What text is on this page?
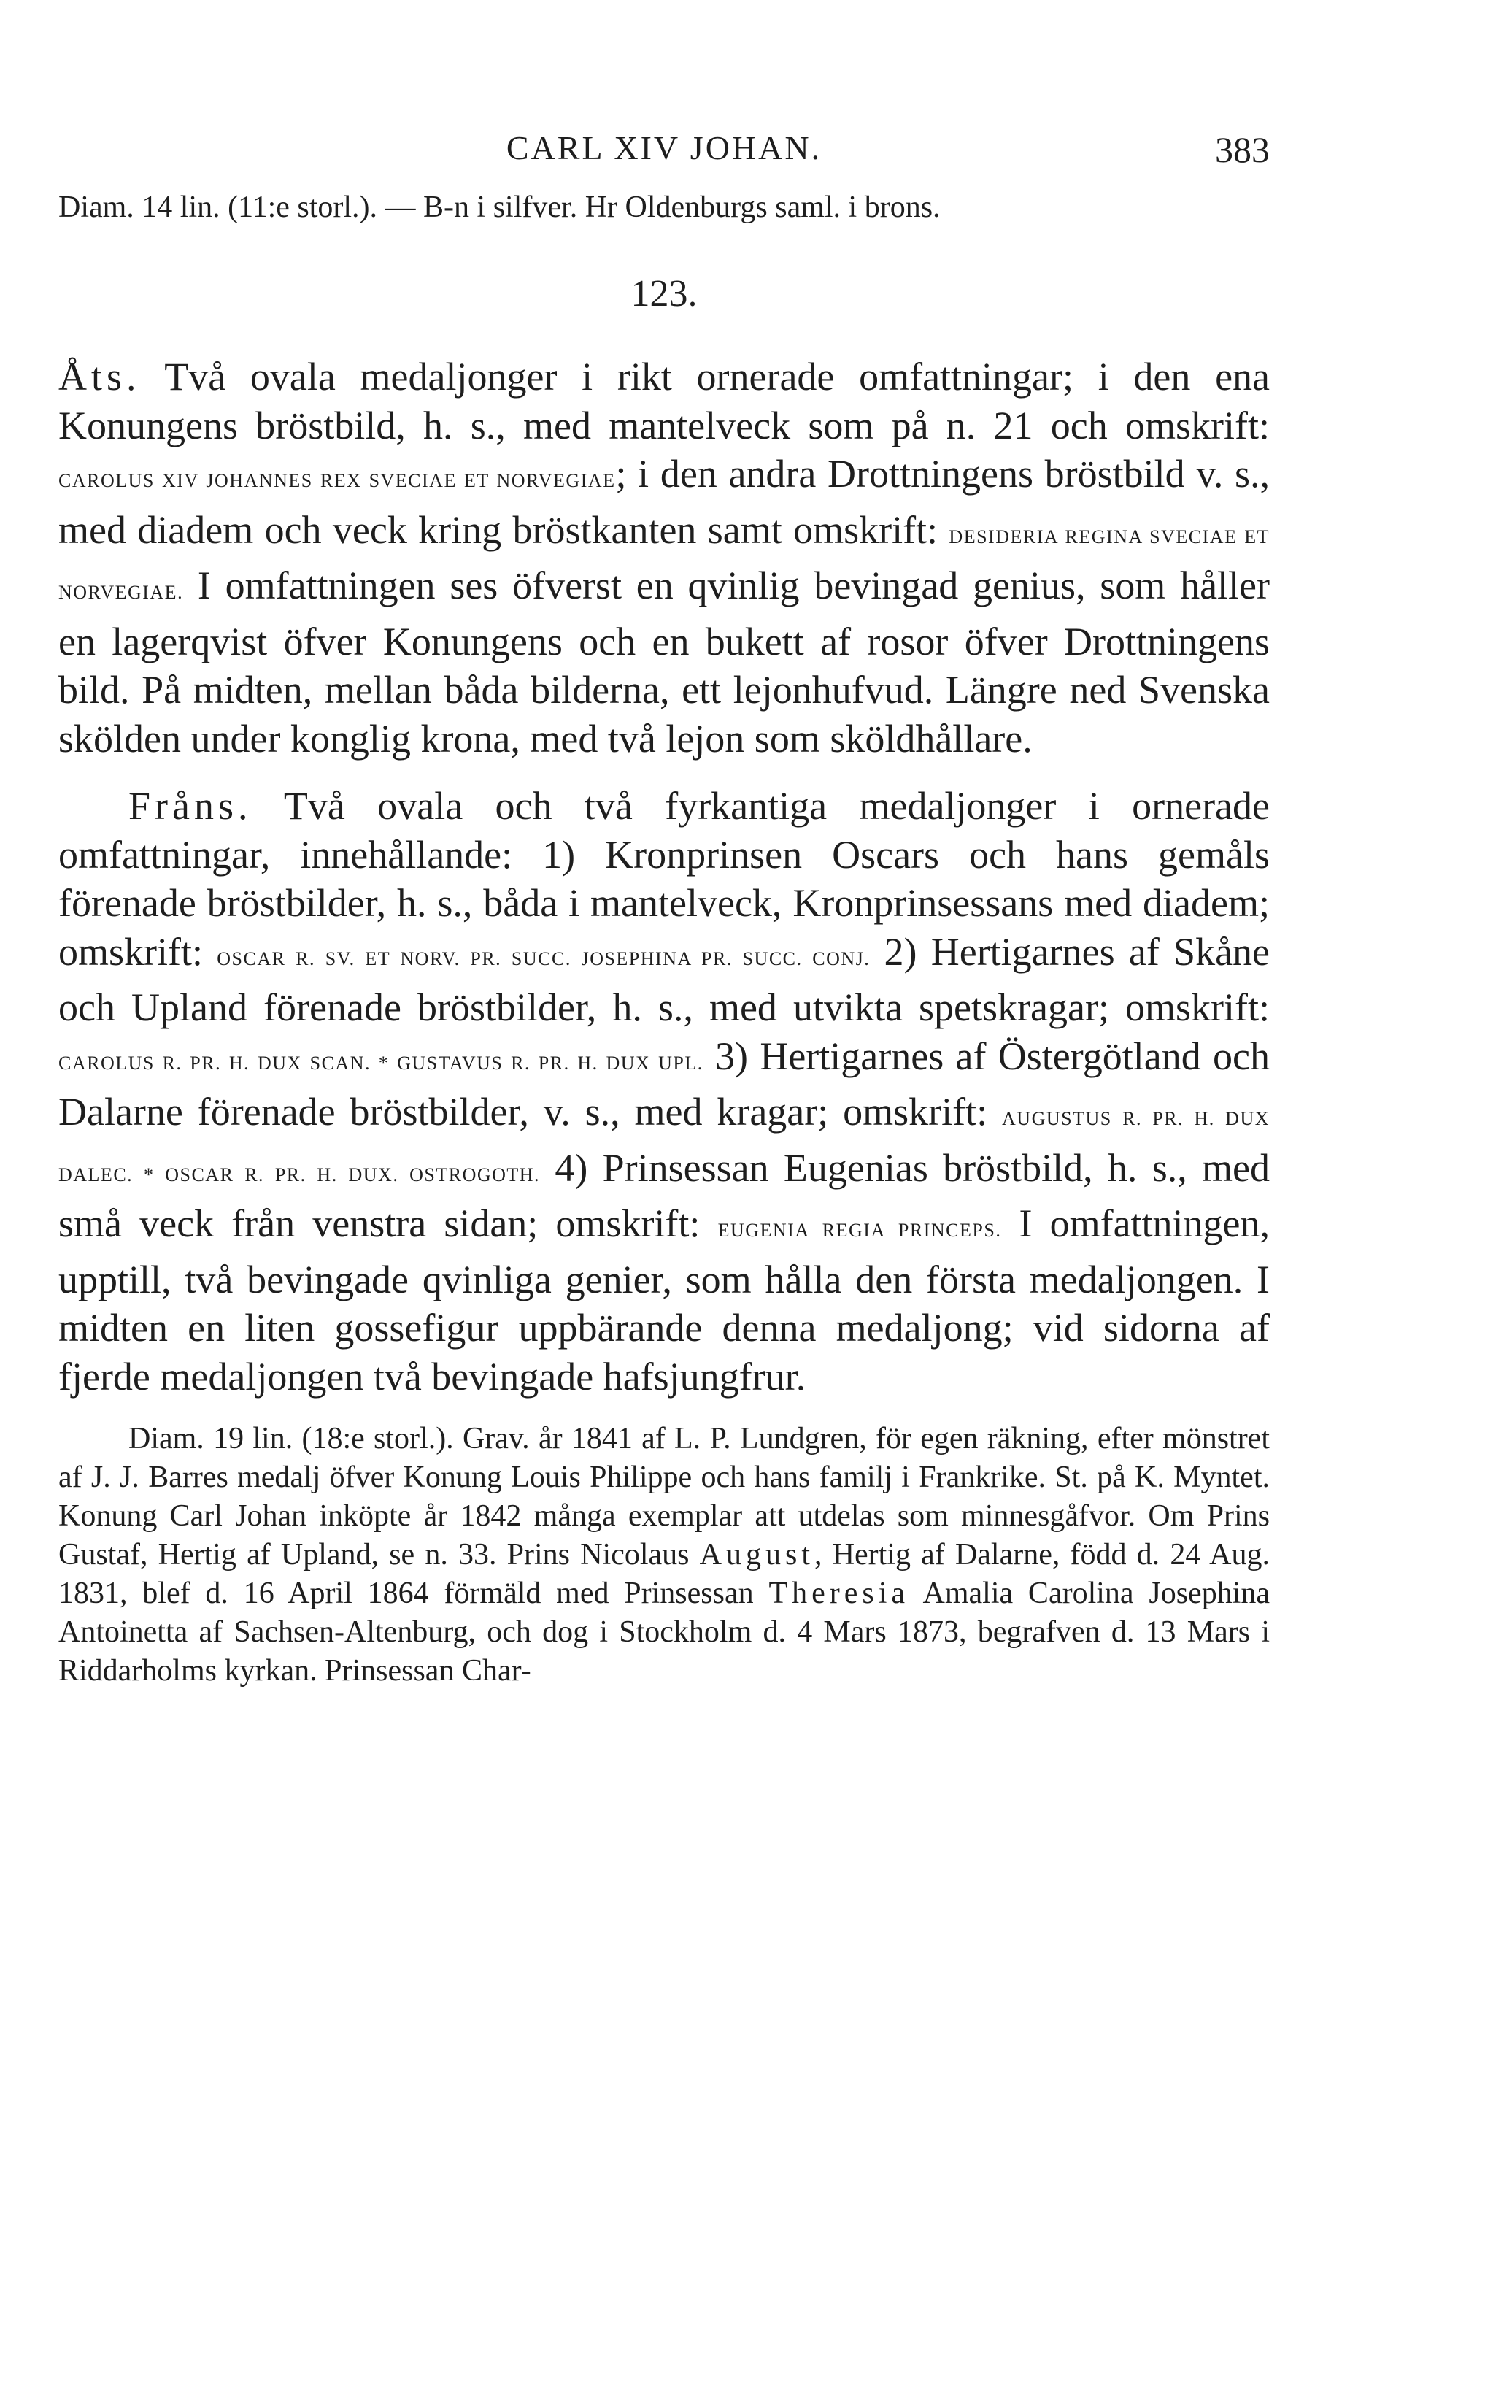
CARL XIV JOHAN.	383

Diam. 14 lin. (11:e storl.). — B-n i silfver. Hr Oldenburgs saml. i brons.

123.

Åts. Två ovala medaljonger i rikt ornerade omfattningar; i den ena Konungens bröstbild, h. s., med mantelveck som på n. 21 och omskrift: CAROLUS XIV JOHANNES REX SVECIAE ET NORVEGIAE; i den andra Drottningens bröstbild v. s., med diadem och veck kring bröstkanten samt omskrift: DESIDERIA REGINA SVECIAE ET NORVEGIAE. I omfattningen ses öfverst en qvinlig bevingad genius, som håller en lagerqvist öfver Konungens och en bukett af rosor öfver Drottningens bild. På midten, mellan båda bilderna, ett lejonhufvud. Längre ned Svenska skölden under konglig krona, med två lejon som sköldhållare.

Fråns. Två ovala och två fyrkantiga medaljonger i ornerade omfattningar, innehållande: 1) Kronprinsen Oscars och hans gemåls förenade bröstbilder, h. s., båda i mantelveck, Kronprinsessans med diadem; omskrift: OSCAR R. SV. ET NORV. PR. SUCC. JOSEPHINA PR. SUCC. CONJ. 2) Hertigarnes af Skåne och Upland förenade bröstbilder, h. s., med utvikta spetskragar; omskrift: CAROLUS R. PR. H. DUX SCAN. * GUSTAVUS R. PR. H. DUX UPL. 3) Hertigarnes af Östergötland och Dalarne förenade bröstbilder, v. s., med kragar; omskrift: AUGUSTUS R. PR. H. DUX DALEC. * OSCAR R. PR. H. DUX. OSTROGOTH. 4) Prinsessan Eugenias bröstbild, h. s., med små veck från venstra sidan; omskrift: EUGENIA REGIA PRINCEPS. I omfattningen, upptill, två bevingade qvinliga genier, som hålla den första medaljongen. I midten en liten gossefigur uppbärande denna medaljong; vid sidorna af fjerde medaljongen två bevingade hafsjungfrur.

Diam. 19 lin. (18:e storl.). Grav. år 1841 af L. P. Lundgren, för egen räkning, efter mönstret af J. J. Barres medalj öfver Konung Louis Philippe och hans familj i Frankrike. St. på K. Myntet. Konung Carl Johan inköpte år 1842 många exemplar att utdelas som minnesgåfvor. Om Prins Gustaf, Hertig af Upland, se n. 33. Prins Nicolaus August, Hertig af Dalarne, född d. 24 Aug. 1831, blef d. 16 April 1864 förmäld med Prinsessan Theresia Amalia Carolina Josephina Antoinetta af Sachsen-Altenburg, och dog i Stockholm d. 4 Mars 1873, begrafven d. 13 Mars i Riddarholms kyrkan. Prinsessan Char-
